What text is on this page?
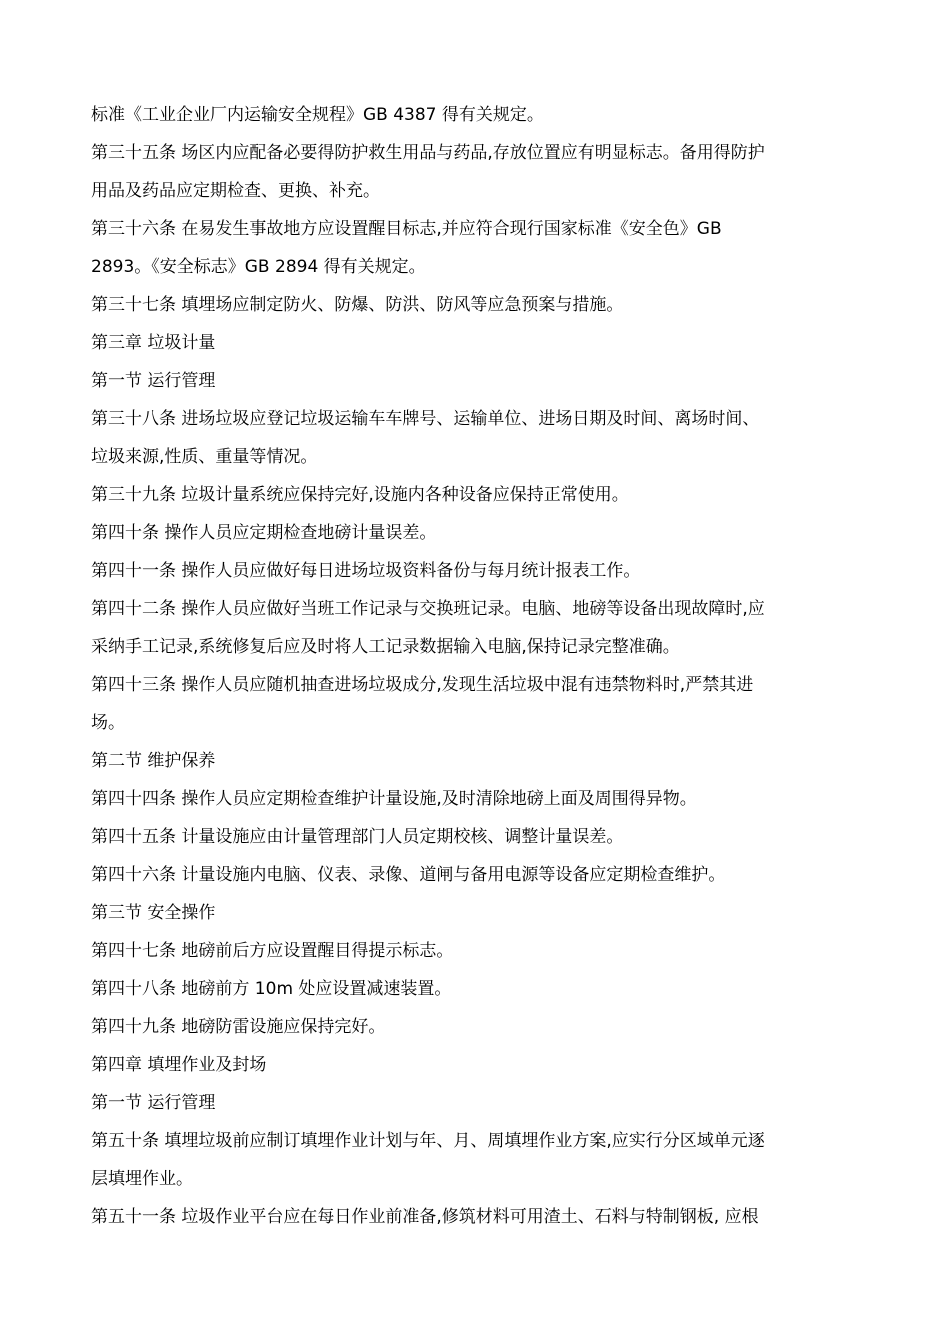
标准《工业企业厂内运输安全规程》GB 4387 得有关规定。
第三十五条 场区内应配备必要得防护救生用品与药品,存放位置应有明显标志。备用得防护
用品及药品应定期检查、更换、补充。
第三十六条 在易发生事故地方应设置醒目标志,并应符合现行国家标准《安全色》GB
2893。《安全标志》GB 2894 得有关规定。
第三十七条 填埋场应制定防火、防爆、防洪、防风等应急预案与措施。
第三章 垃圾计量
第一节 运行管理
第三十八条 进场垃圾应登记垃圾运输车车牌号、运输单位、进场日期及时间、离场时间、
垃圾来源,性质、重量等情况。
第三十九条 垃圾计量系统应保持完好,设施内各种设备应保持正常使用。
第四十条 操作人员应定期检查地磅计量误差。
第四十一条 操作人员应做好每日进场垃圾资料备份与每月统计报表工作。
第四十二条 操作人员应做好当班工作记录与交换班记录。电脑、地磅等设备出现故障时,应
采纳手工记录,系统修复后应及时将人工记录数据输入电脑,保持记录完整准确。
第四十三条 操作人员应随机抽查进场垃圾成分,发现生活垃圾中混有违禁物料时,严禁其进
场。
第二节 维护保养
第四十四条 操作人员应定期检查维护计量设施,及时清除地磅上面及周围得异物。
第四十五条 计量设施应由计量管理部门人员定期校核、调整计量误差。
第四十六条 计量设施内电脑、仪表、录像、道闸与备用电源等设备应定期检查维护。
第三节 安全操作
第四十七条 地磅前后方应设置醒目得提示标志。
第四十八条 地磅前方 10m 处应设置减速装置。
第四十九条 地磅防雷设施应保持完好。
第四章 填埋作业及封场
第一节 运行管理
第五十条 填埋垃圾前应制订填埋作业计划与年、月、周填埋作业方案,应实行分区域单元逐
层填埋作业。
第五十一条 垃圾作业平台应在每日作业前准备,修筑材料可用渣土、石料与特制钢板, 应根
